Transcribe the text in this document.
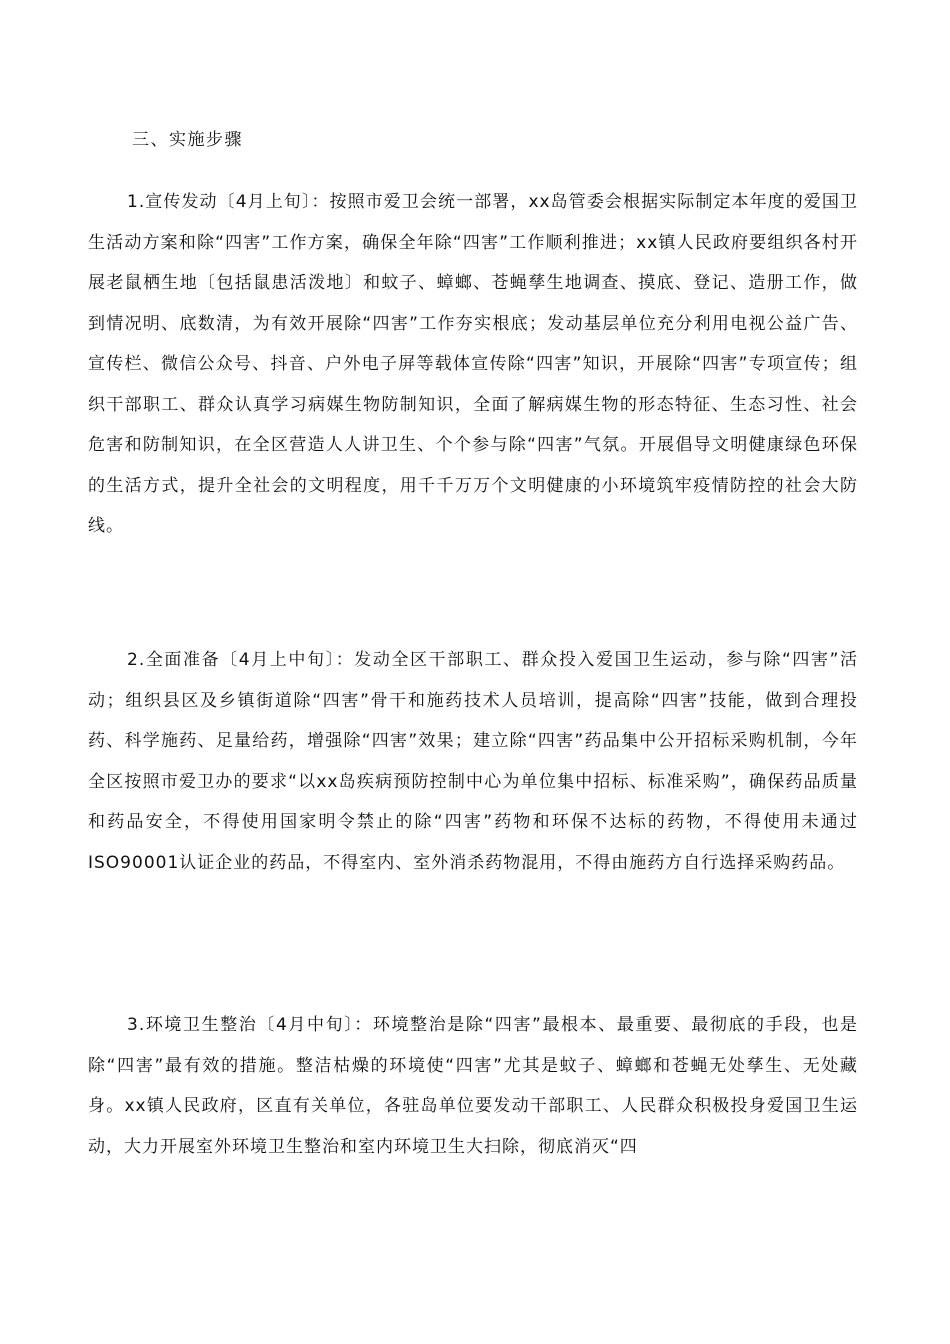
三、实施步骤

1.宣传发动〔4月上旬〕：按照市爱卫会统一部署，xx岛管委会根据实际制定本年度的爱国卫生活动方案和除“四害”工作方案，确保全年除“四害”工作顺利推进；xx镇人民政府要组织各村开展老鼠栖生地〔包括鼠患活泼地〕和蚊子、蟑螂、苍蝇孳生地调查、摸底、登记、造册工作，做到情况明、底数清，为有效开展除“四害”工作夯实根底；发动基层单位充分利用电视公益广告、宣传栏、微信公众号、抖音、户外电子屏等载体宣传除“四害”知识，开展除“四害”专项宣传；组织干部职工、群众认真学习病媒生物防制知识，全面了解病媒生物的形态特征、生态习性、社会危害和防制知识，在全区营造人人讲卫生、个个参与除“四害”气氛。开展倡导文明健康绿色环保的生活方式，提升全社会的文明程度，用千千万万个文明健康的小环境筑牢疫情防控的社会大防线。

2.全面准备〔4月上中旬〕：发动全区干部职工、群众投入爱国卫生运动，参与除“四害”活动；组织县区及乡镇街道除“四害”骨干和施药技术人员培训，提高除“四害”技能，做到合理投药、科学施药、足量给药，增强除“四害”效果；建立除“四害”药品集中公开招标采购机制，今年全区按照市爱卫办的要求“以xx岛疾病预防控制中心为单位集中招标、标准采购”，确保药品质量和药品安全，不得使用国家明令禁止的除“四害”药物和环保不达标的药物，不得使用未通过ISO90001认证企业的药品，不得室内、室外消杀药物混用，不得由施药方自行选择采购药品。

3.环境卫生整治〔4月中旬〕：环境整治是除“四害”最根本、最重要、最彻底的手段，也是除“四害”最有效的措施。整洁枯燥的环境使“四害”尤其是蚊子、蟑螂和苍蝇无处孳生、无处藏身。xx镇人民政府，区直有关单位，各驻岛单位要发动干部职工、人民群众积极投身爱国卫生运动，大力开展室外环境卫生整治和室内环境卫生大扫除，彻底消灭“四
